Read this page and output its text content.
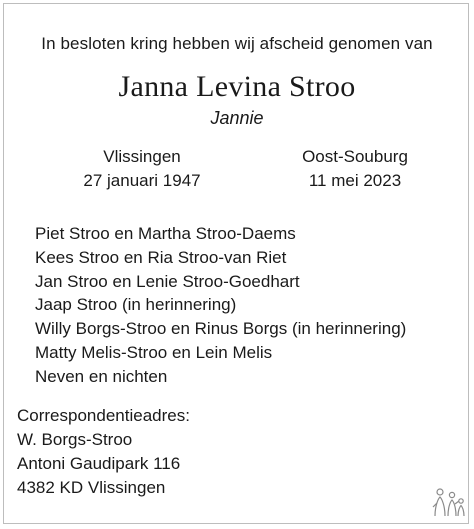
In besloten kring hebben wij afscheid genomen van
Janna Levina Stroo
Jannie
Vlissingen
27 januari 1947
Oost-Souburg
11 mei 2023
Piet Stroo en Martha Stroo-Daems
Kees Stroo en Ria Stroo-van Riet
Jan Stroo en Lenie Stroo-Goedhart
Jaap Stroo (in herinnering)
Willy Borgs-Stroo en Rinus Borgs (in herinnering)
Matty Melis-Stroo en Lein Melis
Neven en nichten
Correspondentieadres:
W. Borgs-Stroo
Antoni Gaudipark 116
4382 KD Vlissingen
